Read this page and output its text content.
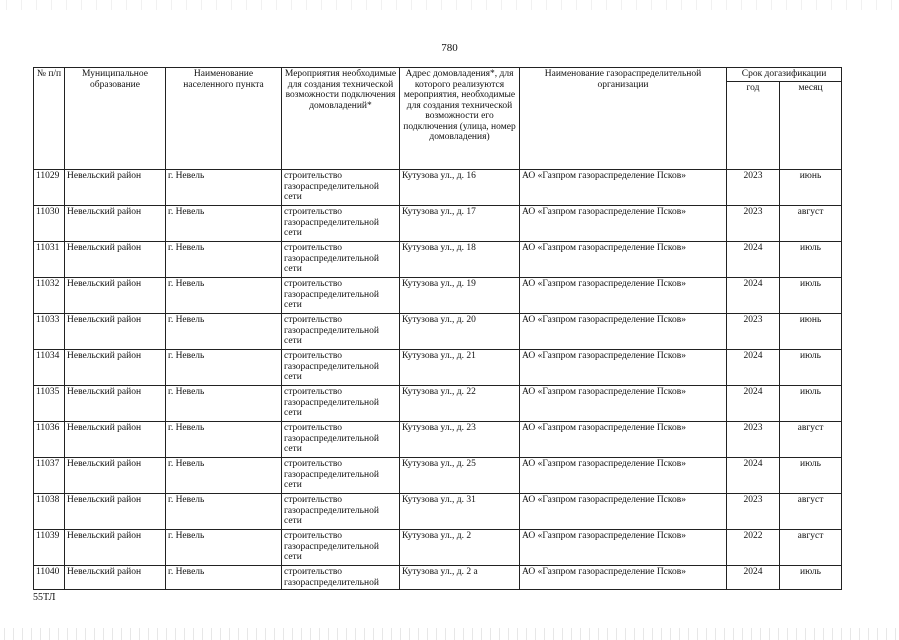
780
№ п/п	Муниципальное образование	Наименование населенного пункта	Мероприятия необходимые для создания технической возможности подключения домовладений*	Адрес домовладения*, для которого реализуются мероприятия, необходимые для создания технической возможности его подключения (улица, номер домовладения)	Наименование газораспределительной организации	Срок догазификации	
						год	месяц
11029	Невельский район	г. Невель	строительство газораспределительной сети	Кутузова ул., д. 16	АО «Газпром газораспределение Псков»	2023	июнь
11030	Невельский район	г. Невель	строительство газораспределительной сети	Кутузова ул., д. 17	АО «Газпром газораспределение Псков»	2023	август
11031	Невельский район	г. Невель	строительство газораспределительной сети	Кутузова ул., д. 18	АО «Газпром газораспределение Псков»	2024	июль
11032	Невельский район	г. Невель	строительство газораспределительной сети	Кутузова ул., д. 19	АО «Газпром газораспределение Псков»	2024	июль
11033	Невельский район	г. Невель	строительство газораспределительной сети	Кутузова ул., д. 20	АО «Газпром газораспределение Псков»	2023	июнь
11034	Невельский район	г. Невель	строительство газораспределительной сети	Кутузова ул., д. 21	АО «Газпром газораспределение Псков»	2024	июль
11035	Невельский район	г. Невель	строительство газораспределительной сети	Кутузова ул., д. 22	АО «Газпром газораспределение Псков»	2024	июль
11036	Невельский район	г. Невель	строительство газораспределительной сети	Кутузова ул., д. 23	АО «Газпром газораспределение Псков»	2023	август
11037	Невельский район	г. Невель	строительство газораспределительной сети	Кутузова ул., д. 25	АО «Газпром газораспределение Псков»	2024	июль
11038	Невельский район	г. Невель	строительство газораспределительной сети	Кутузова ул., д. 31	АО «Газпром газораспределение Псков»	2023	август
11039	Невельский район	г. Невель	строительство газораспределительной сети	Кутузова ул., д. 2	АО «Газпром газораспределение Псков»	2022	август
11040	Невельский район	г. Невель	строительство газораспределительной	Кутузова ул., д. 2 а	АО «Газпром газораспределение Псков»	2024	июль
55ТЛ
